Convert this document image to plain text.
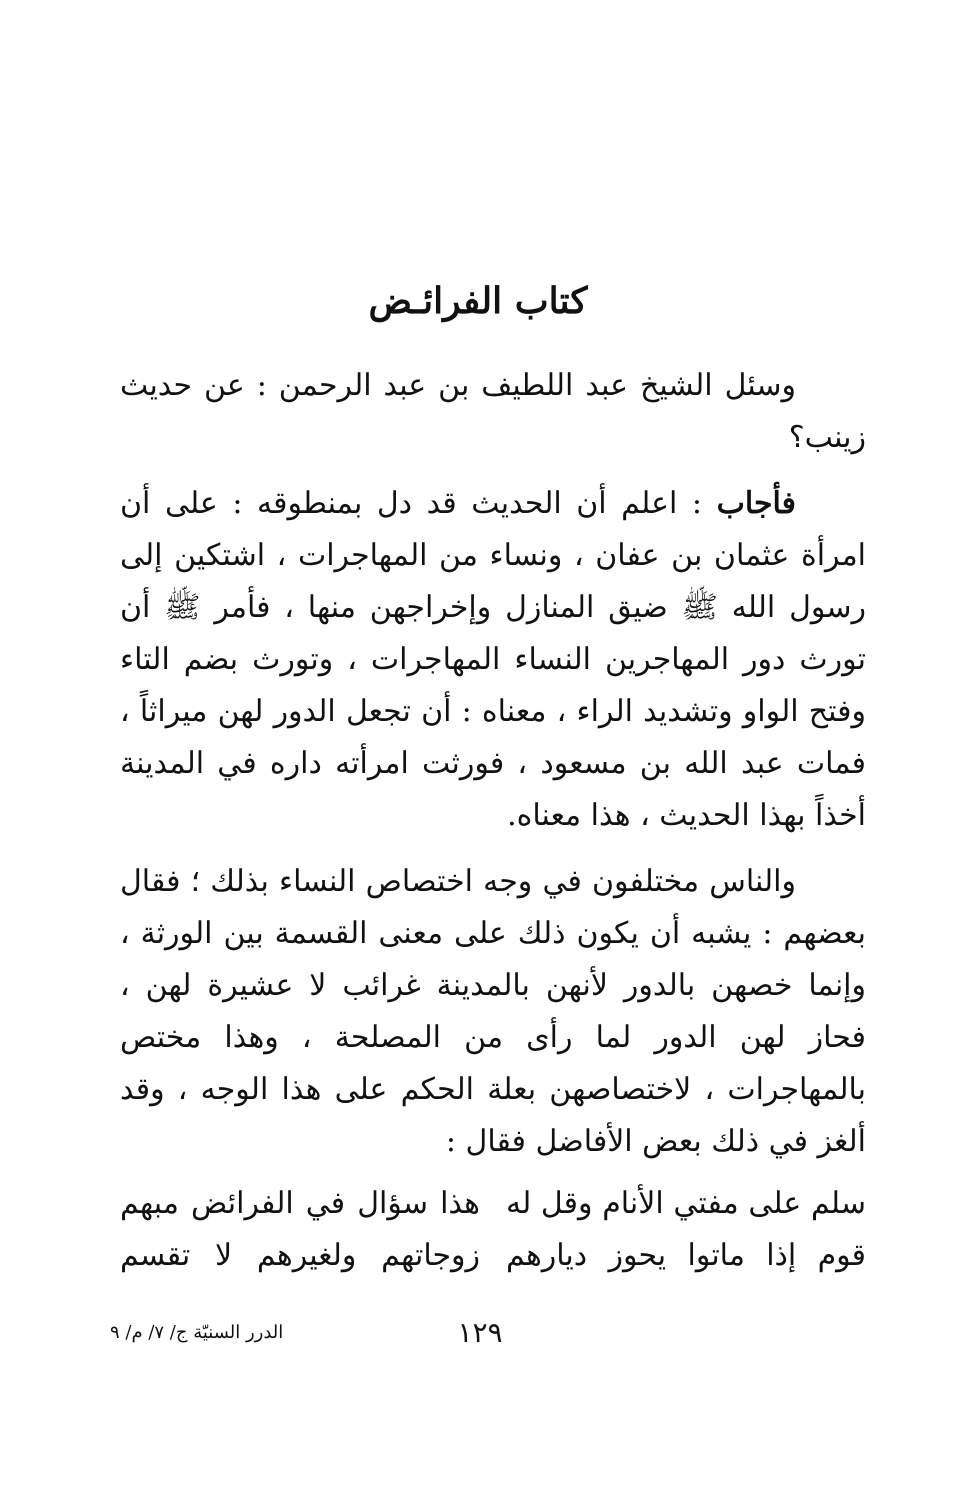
كتاب الفرائـض

وسئل الشيخ عبد اللطيف بن عبد الرحمن : عن حديث زينب؟

فأجاب : اعلم أن الحديث قد دل بمنطوقه : على أن امرأة عثمان بن عفان ، ونساء من المهاجرات ، اشتكين إلى رسول الله ﷺ ضيق المنازل وإخراجهن منها ، فأمر ﷺ أن تورث دور المهاجرين النساء المهاجرات ، وتورث بضم التاء وفتح الواو وتشديد الراء ، معناه : أن تجعل الدور لهن ميراثاً ، فمات عبد الله بن مسعود ، فورثت امرأته داره في المدينة أخذاً بهذا الحديث ، هذا معناه.

والناس مختلفون في وجه اختصاص النساء بذلك ؛ فقال بعضهم : يشبه أن يكون ذلك على معنى القسمة بين الورثة ، وإنما خصهن بالدور لأنهن بالمدينة غرائب لا عشيرة لهن ، فحاز لهن الدور لما رأى من المصلحة ، وهذا مختص بالمهاجرات ، لاختصاصهن بعلة الحكم على هذا الوجه ، وقد ألغز في ذلك بعض الأفاضل فقال :

سلم على مفتي الأنام وقل له
هذا سؤال في الفرائض مبهم
قوم إذا ماتوا يحوز ديارهم
زوجاتهم ولغيرهم لا تقسم
١٢٩
الدرر السنيّة ج/ ٧/ م/ ٩
